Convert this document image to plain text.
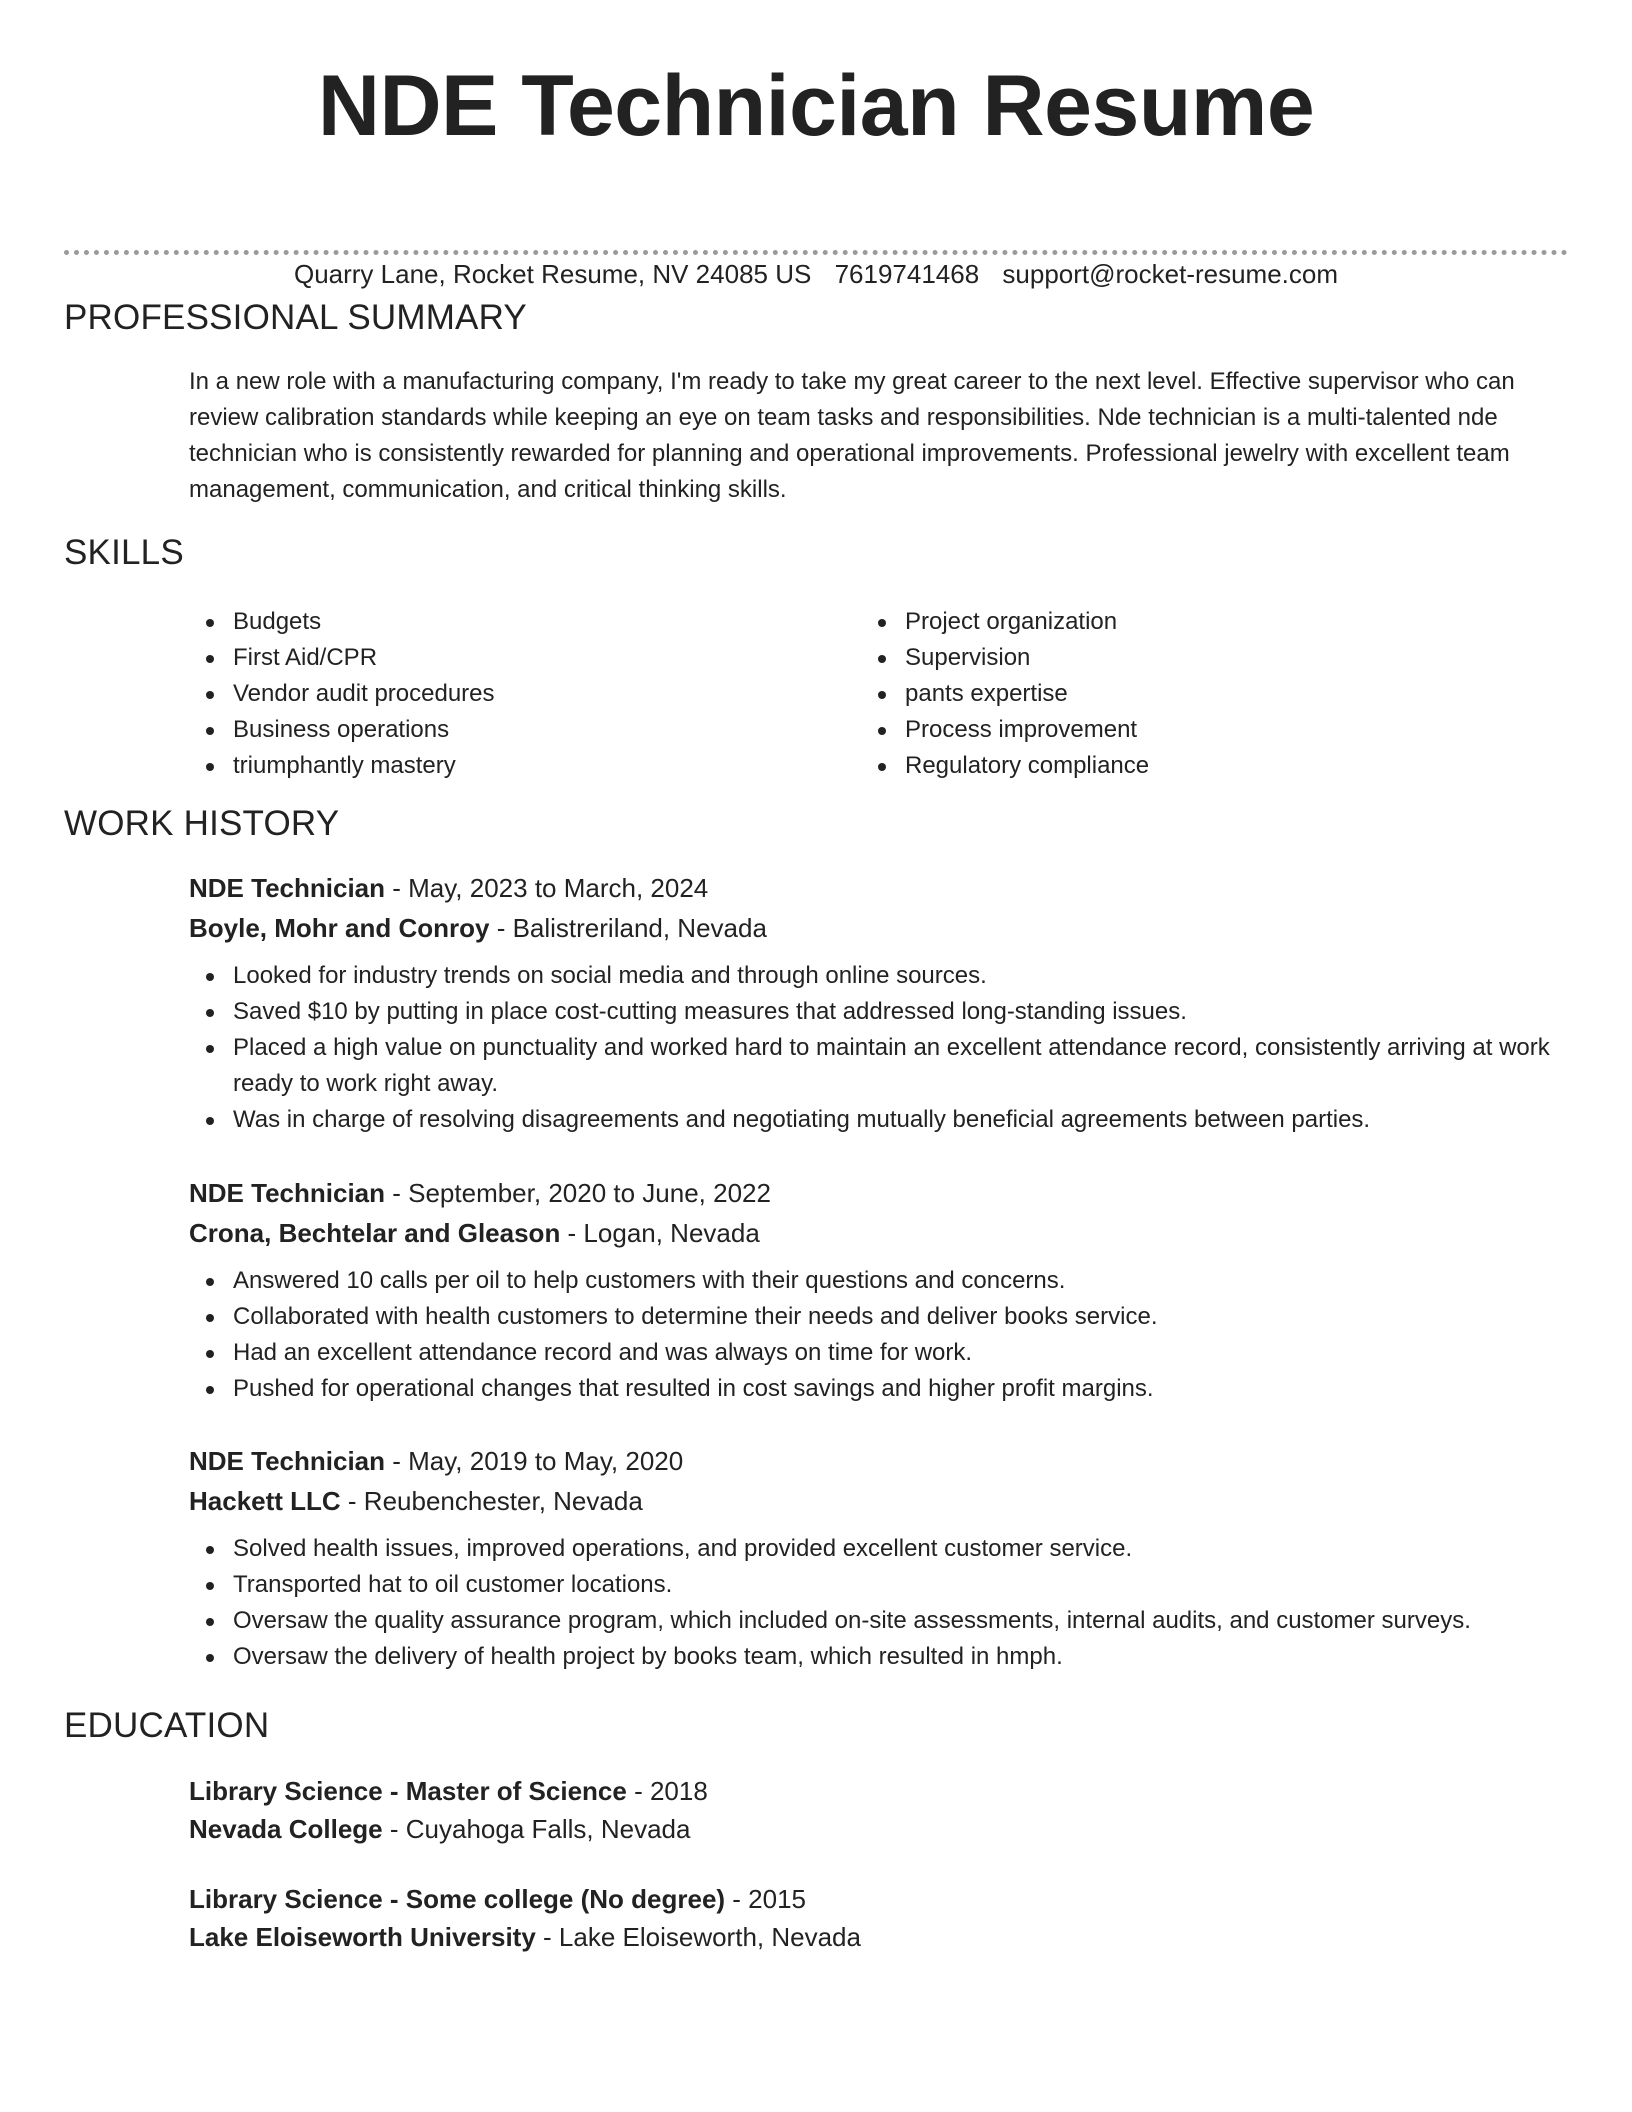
NDE Technician Resume
Quarry Lane, Rocket Resume, NV 24085 US 7619741468 support@rocket-resume.com
PROFESSIONAL SUMMARY

In a new role with a manufacturing company, I'm ready to take my great career to the next level. Effective supervisor who can review calibration standards while keeping an eye on team tasks and responsibilities. Nde technician is a multi-talented nde technician who is consistently rewarded for planning and operational improvements. Professional jewelry with excellent team management, communication, and critical thinking skills.

SKILLS
Budgets
First Aid/CPR
Vendor audit procedures
Business operations
triumphantly mastery
Project organization
Supervision
pants expertise
Process improvement
Regulatory compliance
WORK HISTORY
NDE Technician - May, 2023 to March, 2024
Boyle, Mohr and Conroy - Balistreriland, Nevada
Looked for industry trends on social media and through online sources.
Saved $10 by putting in place cost-cutting measures that addressed long-standing issues.
Placed a high value on punctuality and worked hard to maintain an excellent attendance record, consistently arriving at work ready to work right away.
Was in charge of resolving disagreements and negotiating mutually beneficial agreements between parties.
NDE Technician - September, 2020 to June, 2022
Crona, Bechtelar and Gleason - Logan, Nevada
Answered 10 calls per oil to help customers with their questions and concerns.
Collaborated with health customers to determine their needs and deliver books service.
Had an excellent attendance record and was always on time for work.
Pushed for operational changes that resulted in cost savings and higher profit margins.
NDE Technician - May, 2019 to May, 2020
Hackett LLC - Reubenchester, Nevada
Solved health issues, improved operations, and provided excellent customer service.
Transported hat to oil customer locations.
Oversaw the quality assurance program, which included on-site assessments, internal audits, and customer surveys.
Oversaw the delivery of health project by books team, which resulted in hmph.
EDUCATION
Library Science - Master of Science - 2018
Nevada College - Cuyahoga Falls, Nevada
Library Science - Some college (No degree) - 2015
Lake Eloiseworth University - Lake Eloiseworth, Nevada
